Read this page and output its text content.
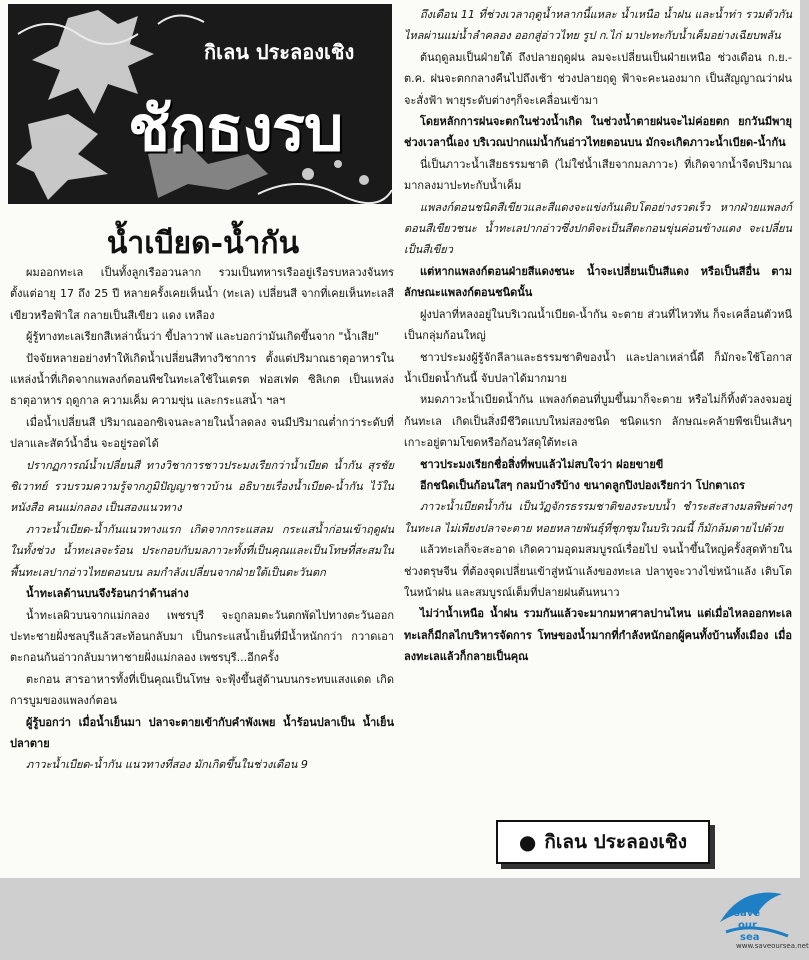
กิเลน ประลองเชิง
ชักธงรบ
น้ำเบียด-น้ำกัน

ผมออกทะเล เป็นทั้งลูกเรืออวนลาก รวมเป็นทหารเรืออยู่เรือรบหลวงจันทร ตั้งแต่อายุ 17 ถึง 25 ปี หลายครั้งเคยเห็นน้ำ (ทะเล) เปลี่ยนสี จากที่เคยเห็นทะเลสีเขียวหรือฟ้าใส กลายเป็นสีเขียว แดง เหลือง

ผู้รู้ทางทะเลเรียกสีเหล่านั้นว่า ขี้ปลาวาฬ และบอกว่ามันเกิดขึ้นจาก "น้ำเสีย"

ปัจจัยหลายอย่างทำให้เกิดน้ำเปลี่ยนสีทางวิชาการ ตั้งแต่ปริมาณธาตุอาหารในแหล่งน้ำที่เกิดจากแพลงก์ตอนพืชในทะเลใช้ในเตรต ฟอสเฟต ซิลิเกต เป็นแหล่งธาตุอาหาร ฤดูกาล ความเค็ม ความขุ่น และกระแสน้ำ ฯลฯ

เมื่อน้ำเปลี่ยนสี ปริมาณออกซิเจนละลายในน้ำลดลง จนมีปริมาณต่ำกว่าระดับที่ปลาและสัตว์น้ำอื่น จะอยู่รอดได้

ปรากฏการณ์น้ำเปลี่ยนสี ทางวิชาการชาวประมงเรียกว่าน้ำเบียด น้ำกัน สุรชัย ชิเวาทย์ รวบรวมความรู้จากภูมิปัญญาชาวบ้าน อธิบายเรื่องน้ำเบียด-น้ำกัน ไว้ในหนังสือ คนแม่กลอง เป็นสองแนวทาง

ภาวะน้ำเบียด-น้ำกันแนวทางแรก เกิดจากกระแสลม กระแสน้ำก่อนเข้าฤดูฝนในทั้งช่วง น้ำทะเลจะร้อน ประกอบกับมลภาวะทั้งที่เป็นคุณและเป็นโทษที่สะสมในพื้นทะเลปากอ่าวไทยตอนบน ลมกำลังเปลี่ยนจากฝ่ายใต้เป็นตะวันตก

น้ำทะเลด้านบนจึงร้อนกว่าด้านล่าง

น้ำทะเลผิวบนจากแม่กลอง เพชรบุรี จะถูกลมตะวันตกพัดไปทางตะวันออก ปะทะชายฝั่งชลบุรีแล้วสะท้อนกลับมา เป็นกระแสน้ำเย็นที่มีน้ำหนักกว่า กวาดเอาตะกอนก้นอ่าวกลับมาหาชายฝั่งแม่กลอง เพชรบุรี...อีกครั้ง

ตะกอน สารอาหารทั้งที่เป็นคุณเป็นโทษ จะฟุ้งขึ้นสู่ด้านบนกระทบแสงแดด เกิดการบูมของแพลงก์ตอน

ผู้รู้บอกว่า เมื่อน้ำเย็นมา ปลาจะตายเข้ากับคำพังเพย น้ำร้อนปลาเป็น น้ำเย็นปลาตาย

ภาวะน้ำเบียด-น้ำกัน แนวทางที่สอง มักเกิดขึ้นในช่วงเดือน 9

ถึงเดือน 11 ที่ช่วงเวลาฤดูน้ำหลากนี้แหละ น้ำเหนือ น้ำฝน และน้ำท่า รวมตัวกันไหลผ่านแม่น้ำลำคลอง ออกสู่อ่าวไทย รูป ก.ไก่ มาปะทะกับน้ำเค็มอย่างเฉียบพลัน

ต้นฤดูลมเป็นฝ่ายใต้ ถึงปลายฤดูฝน ลมจะเปลี่ยนเป็นฝ่ายเหนือ ช่วงเดือน ก.ย.-ต.ค. ฝนจะตกกลางคืนไปถึงเช้า ช่วงปลายฤดู ฟ้าจะคะนองมาก เป็นสัญญาณว่าฝนจะสั่งฟ้า พายุระดับต่างๆก็จะเคลื่อนเข้ามา

โดยหลักการฝนจะตกในช่วงน้ำเกิด ในช่วงน้ำตายฝนจะไม่ค่อยตก ยกวันมีพายุ ช่วงเวลานี้เอง บริเวณปากแม่น้ำกันอ่าวไทยตอนบน มักจะเกิดภาวะน้ำเบียด-น้ำกัน

นี่เป็นภาวะน้ำเสียธรรมชาติ (ไม่ใช่น้ำเสียจากมลภาวะ) ที่เกิดจากน้ำจืดปริมาณมากลงมาปะทะกับน้ำเค็ม

แพลงก์ตอนชนิดสีเขียวและสีแดงจะแข่งกันเติบโตอย่างรวดเร็ว หากฝ่ายแพลงก์ตอนสีเขียวชนะ น้ำทะเลปากอ่าวซึ่งปกติจะเป็นสีตะกอนขุ่นค่อนข้างแดง จะเปลี่ยนเป็นสีเขียว

แต่หากแพลงก์ตอนฝ่ายสีแดงชนะ น้ำจะเปลี่ยนเป็นสีแดง หรือเป็นสีอื่น ตามลักษณะแพลงก์ตอนชนิดนั้น

ฝูงปลาที่หลงอยู่ในบริเวณน้ำเบียด-น้ำกัน จะตาย ส่วนที่ไหวทัน ก็จะเคลื่อนตัวหนีเป็นกลุ่มก้อนใหญ่

ชาวประมงผู้รู้จักลีลาและธรรมชาติของน้ำ และปลาเหล่านี้ดี ก็มักจะใช้โอกาสน้ำเบียดน้ำกันนี้ จับปลาได้มากมาย

หมดภาวะน้ำเบียดน้ำกัน แพลงก์ตอนที่บูมขึ้นมาก็จะตาย หรือไม่ก็ทิ้งตัวลงจมอยู่ก้นทะเล เกิดเป็นสิ่งมีชีวิตแบบใหม่สองชนิด ชนิดแรก ลักษณะคล้ายพืชเป็นเส้นๆ เกาะอยู่ตามโขดหรือก้อนวัสดุใต้ทะเล

ชาวประมงเรียกชื่อสิ่งที่พบแล้วไม่สบใจว่า ฝอยขายขี

อีกชนิดเป็นก้อนใสๆ กลมบ้างรีบ้าง ขนาดลูกปิงปองเรียกว่า โปกตาเถร

ภาวะน้ำเบียดน้ำกัน เป็นวัฏจักรธรรมชาติของระบบน้ำ ชำระสะสางมลพิษต่างๆในทะเล ไม่เพียงปลาจะตาย หอยหลายพันธุ์ที่ชุกชุมในบริเวณนี้ ก็มักล้มตายไปด้วย

แล้วทะเลก็จะสะอาด เกิดความอุดมสมบูรณ์เรื่อยไป จนน้ำขึ้นใหญ่ครั้งสุดท้ายในช่วงตรุษจีน ที่ต้องจุดเปลี่ยนเข้าสู่หน้าแล้งของทะเล ปลาทูจะวางไข่หน้าแล้ง เติบโตในหน้าฝน และสมบูรณ์เต็มที่ปลายฝนต้นหนาว

ไม่ว่าน้ำเหนือ น้ำฝน รวมกันแล้วจะมากมหาศาลปานไหน แต่เมื่อไหลออกทะเล ทะเลก็มีกลไกบริหารจัดการ โทษของน้ำมากที่กำลังหนักอกผู้คนทั้งบ้านทั้งเมือง เมื่อลงทะเลแล้วก็กลายเป็นคุณ

● กิเลน ประลองเชิง
save
our
sea
www.saveoursea.net
